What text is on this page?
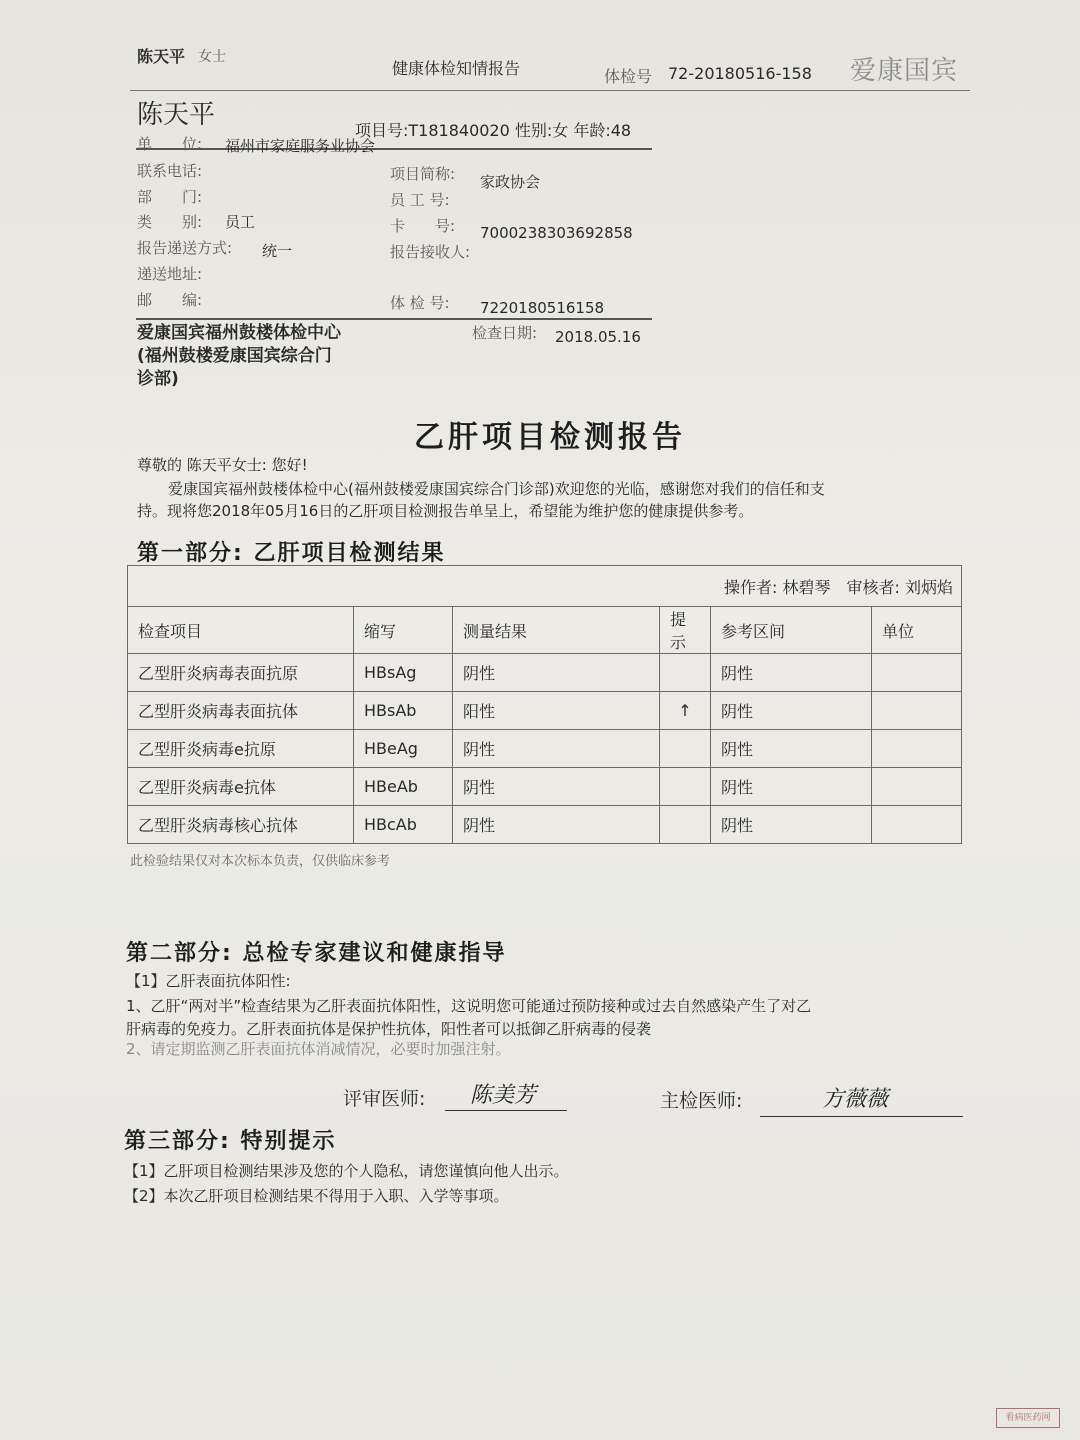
陈天平 女士
健康体检知情报告	体检号 72-20180516-158 爱康国宾
陈天平
项目号:T181840020 性别:女 年龄:48
单　　位: 福州市家庭服务业协会
联系电话:
部　　门:
类　　别: 员工
报告递送方式: 统一
递送地址:
邮　　编:
项目简称: 家政协会
员 工 号:
卡　　号: 7000238303692858
报告接收人:
体 检 号: 7220180516158
爱康国宾福州鼓楼体检中心
(福州鼓楼爱康国宾综合门
诊部)
检查日期: 2018.05.16
乙肝项目检测报告
尊敬的 陈天平女士: 您好!
爱康国宾福州鼓楼体检中心(福州鼓楼爱康国宾综合门诊部)欢迎您的光临，感谢您对我们的信任和支
持。现将您2018年05月16日的乙肝项目检测报告单呈上，希望能为维护您的健康提供参考。
第一部分: 乙肝项目检测结果
操作者: 林碧琴　审核者: 刘炳焰					
检查项目	缩写	测量结果	提示	参考区间	单位
乙型肝炎病毒表面抗原	HBsAg	阴性		阴性	
乙型肝炎病毒表面抗体	HBsAb	阳性	↑	阴性	
乙型肝炎病毒e抗原	HBeAg	阴性		阴性	
乙型肝炎病毒e抗体	HBeAb	阴性		阴性	
乙型肝炎病毒核心抗体	HBcAb	阴性		阴性	
此检验结果仅对本次标本负责，仅供临床参考
第二部分: 总检专家建议和健康指导
【1】乙肝表面抗体阳性:
1、乙肝“两对半”检查结果为乙肝表面抗体阳性，这说明您可能通过预防接种或过去自然感染产生了对乙
肝病毒的免疫力。乙肝表面抗体是保护性抗体，阳性者可以抵御乙肝病毒的侵袭
2、请定期监测乙肝表面抗体消减情况，必要时加强注射。
评审医师: 陈美芳	主检医师:	方薇薇
第三部分: 特别提示
【1】乙肝项目检测结果涉及您的个人隐私，请您谨慎向他人出示。
【2】本次乙肝项目检测结果不得用于入职、入学等事项。
看病医药网
